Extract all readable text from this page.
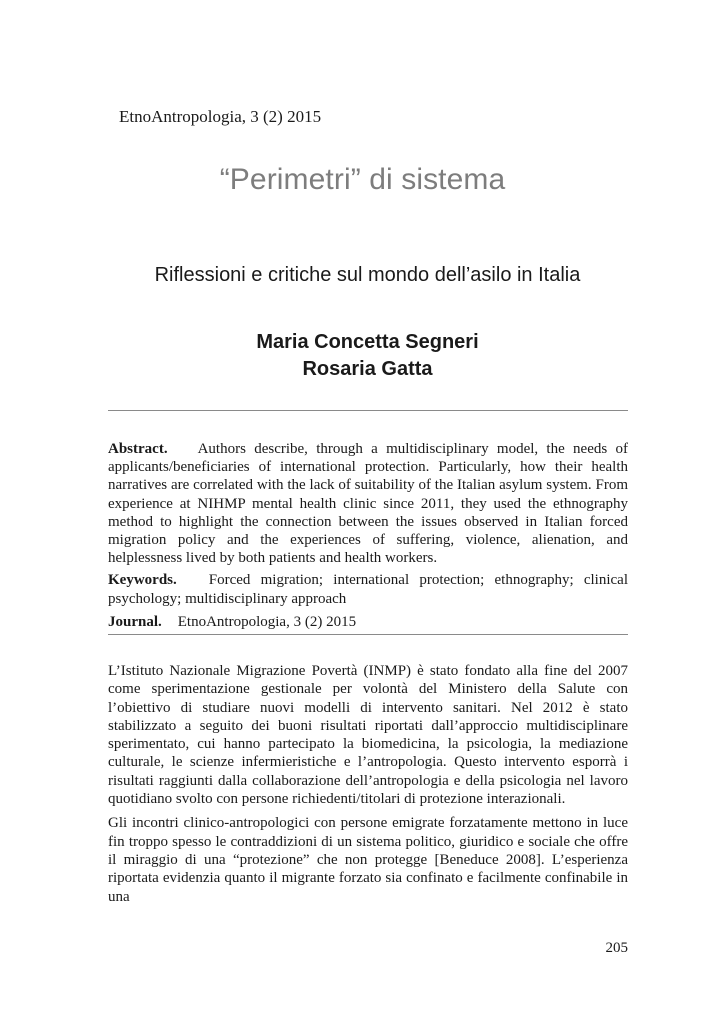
EtnoAntropologia, 3 (2) 2015
“Perimetri” di sistema
Riflessioni e critiche sul mondo dell’asilo in Italia
Maria Concetta Segneri
Rosaria Gatta

Abstract. Authors describe, through a multidisciplinary model, the needs of applicants/beneficiaries of international protection. Particularly, how their health narratives are correlated with the lack of suitability of the Italian asylum system. From experience at NIHMP mental health clinic since 2011, they used the ethnography method to highlight the connection between the issues observed in Italian forced migration policy and the experiences of suffering, violence, alienation, and helplessness lived by both patients and health workers.

Keywords. Forced migration; international protection; ethnography; clinical psychology; multidisciplinary approach

Journal. EtnoAntropologia, 3 (2) 2015

L’Istituto Nazionale Migrazione Povertà (INMP) è stato fondato alla fine del 2007 come sperimentazione gestionale per volontà del Ministero della Salute con l’obiettivo di studiare nuovi modelli di intervento sanitari. Nel 2012 è stato stabilizzato a seguito dei buoni risultati riportati dall’approccio multidisciplinare sperimentato, cui hanno partecipato la biomedicina, la psicologia, la mediazione culturale, le scienze infermieristiche e l’antropologia. Questo intervento esporrà i risultati raggiunti dalla collaborazione dell’antropologia e della psicologia nel lavoro quotidiano svolto con persone richiedenti/titolari di protezione interazionali.

Gli incontri clinico-antropologici con persone emigrate forzatamente mettono in luce fin troppo spesso le contraddizioni di un sistema politico, giuridico e sociale che offre il miraggio di una “protezione” che non protegge [Beneduce 2008]. L’esperienza riportata evidenzia quanto il migrante forzato sia confinato e facilmente confinabile in una

205
